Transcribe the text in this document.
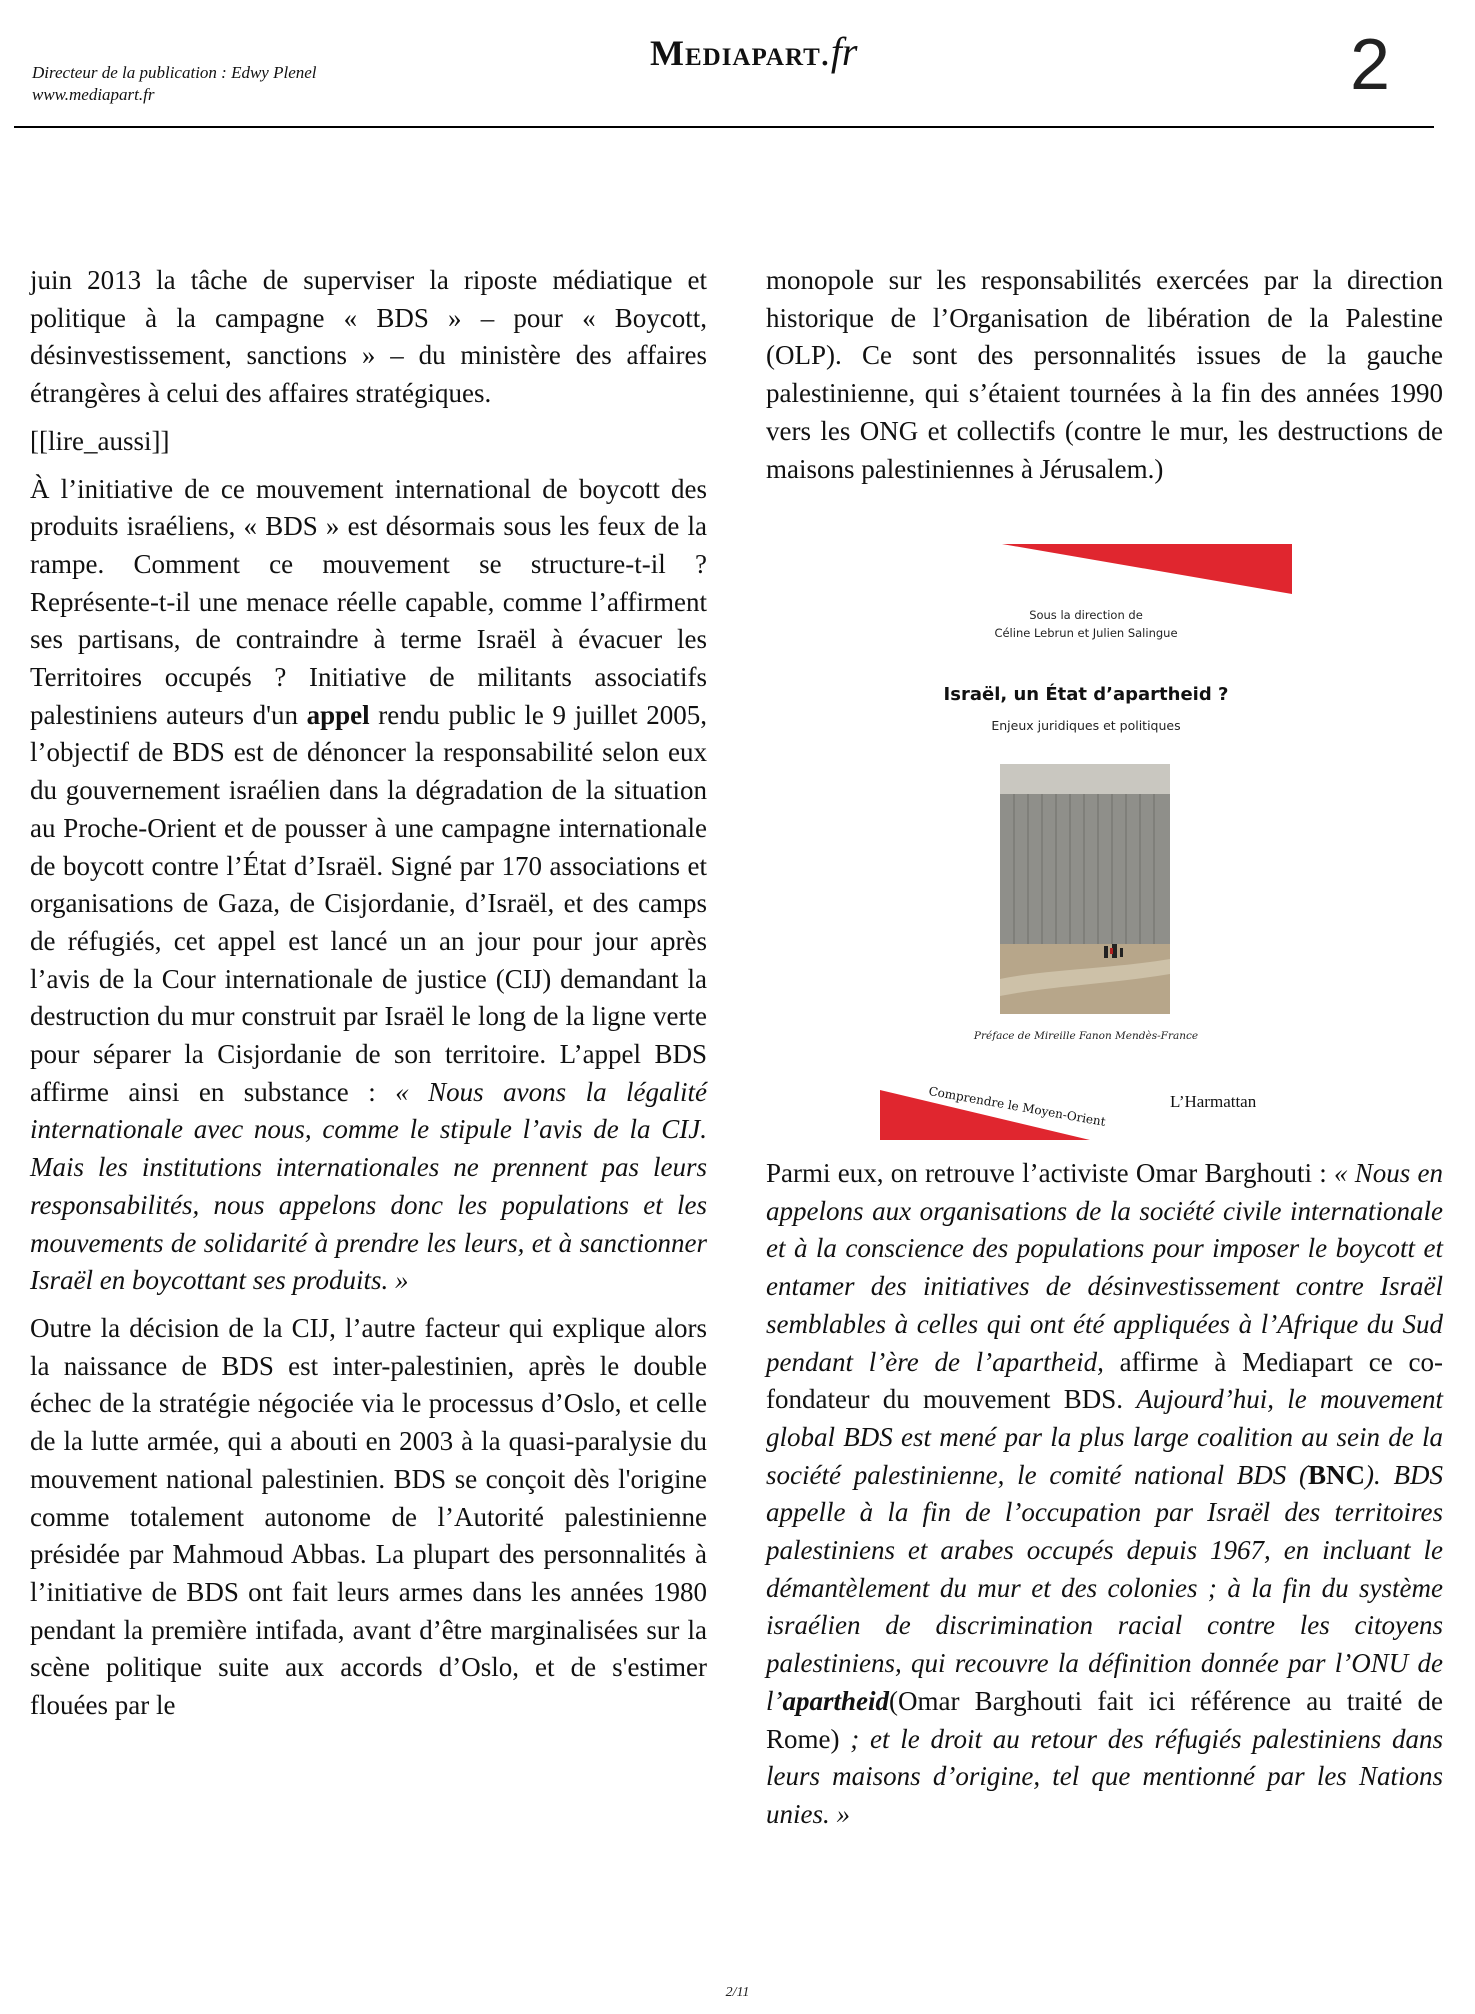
Directeur de la publication : Edwy Plenel
www.mediapart.fr
Mediapart.fr	2

juin 2013 la tâche de superviser la riposte médiatique et politique à la campagne « BDS » – pour « Boycott, désinvestissement, sanctions » – du ministère des affaires étrangères à celui des affaires stratégiques.

[[lire_aussi]]

À l’initiative de ce mouvement international de boycott des produits israéliens, « BDS » est désormais sous les feux de la rampe. Comment ce mouvement se structure-t-il ? Représente-t-il une menace réelle capable, comme l’affirment ses partisans, de contraindre à terme Israël à évacuer les Territoires occupés ? Initiative de militants associatifs palestiniens auteurs d'un appel rendu public le 9 juillet 2005, l’objectif de BDS est de dénoncer la responsabilité selon eux du gouvernement israélien dans la dégradation de la situation au Proche-Orient et de pousser à une campagne internationale de boycott contre l’État d’Israël. Signé par 170 associations et organisations de Gaza, de Cisjordanie, d’Israël, et des camps de réfugiés, cet appel est lancé un an jour pour jour après l’avis de la Cour internationale de justice (CIJ) demandant la destruction du mur construit par Israël le long de la ligne verte pour séparer la Cisjordanie de son territoire. L’appel BDS affirme ainsi en substance : « Nous avons la légalité internationale avec nous, comme le stipule l’avis de la CIJ. Mais les institutions internationales ne prennent pas leurs responsabilités, nous appelons donc les populations et les mouvements de solidarité à prendre les leurs, et à sanctionner Israël en boycottant ses produits. »

Outre la décision de la CIJ, l’autre facteur qui explique alors la naissance de BDS est inter-palestinien, après le double échec de la stratégie négociée via le processus d’Oslo, et celle de la lutte armée, qui a abouti en 2003 à la quasi-paralysie du mouvement national palestinien. BDS se conçoit dès l'origine comme totalement autonome de l’Autorité palestinienne présidée par Mahmoud Abbas. La plupart des personnalités à l’initiative de BDS ont fait leurs armes dans les années 1980 pendant la première intifada, avant d’être marginalisées sur la scène politique suite aux accords d’Oslo, et de s'estimer flouées par le

monopole sur les responsabilités exercées par la direction historique de l’Organisation de libération de la Palestine (OLP). Ce sont des personnalités issues de la gauche palestinienne, qui s’étaient tournées à la fin des années 1990 vers les ONG et collectifs (contre le mur, les destructions de maisons palestiniennes à Jérusalem.)

Sous la direction de
Céline Lebrun et Julien Salingue
Israël, un État d’apartheid ?
Enjeux juridiques et politiques
Préface de Mireille Fanon Mendès-France
Comprendre le Moyen-Orient	L’Harmattan

Parmi eux, on retrouve l’activiste Omar Barghouti : « Nous en appelons aux organisations de la société civile internationale et à la conscience des populations pour imposer le boycott et entamer des initiatives de désinvestissement contre Israël semblables à celles qui ont été appliquées à l’Afrique du Sud pendant l’ère de l’apartheid, affirme à Mediapart ce co-fondateur du mouvement BDS. Aujourd’hui, le mouvement global BDS est mené par la plus large coalition au sein de la société palestinienne, le comité national BDS (BNC). BDS appelle à la fin de l’occupation par Israël des territoires palestiniens et arabes occupés depuis 1967, en incluant le démantèlement du mur et des colonies ; à la fin du système israélien de discrimination racial contre les citoyens palestiniens, qui recouvre la définition donnée par l’ONU de l’apartheid(Omar Barghouti fait ici référence au traité de Rome) ; et le droit au retour des réfugiés palestiniens dans leurs maisons d’origine, tel que mentionné par les Nations unies. »

2/11
